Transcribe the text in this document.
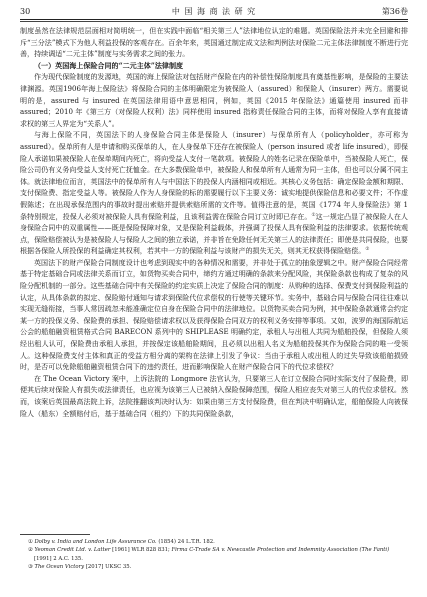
30	中 国 海 商 法 研 究	第36卷

制度虽然在法律规范层面相对简明统一，但在实践中面临“相关第三人”法律地位认定的难题。英国保险法并未完全回避和排斥“三分法”模式下为他人利益投保的客观存在。百余年来，英国通过制定成文法和判例法对保险二元主体法律制度不断进行完善，持续调适“二元主体”制度与实务需求之间的张力。

（一）英国海上保险合同的“二元主体”法律制度

作为现代保险制度的发源地，英国的海上保险法对包括财产保险在内的补偿性保险制度具有奠基性影响，是保险的主要法律渊源。英国1906年海上保险法》将保险合同的主体明确限定为被保险人（assured）和保险人（insurer）两方。需要说明的是，assured 与 insured 在英国法律用语中意思相同，例如，英国《2015 年保险法》通篇使用 insured 而非 assured；2010 年《第三方（对保险人权利）法》同样使用 insured 指称责任保险合同的主体，而将对保险人享有直接请求权的第三人界定为“关系人”。

与海上保险不同，英国法下的人身保险合同主体是保险人（insurer）与保单所有人（policyholder，亦可称为 assured）。保单所有人是申请和购买保单的人，在人身保单下还存在被保险人（person insured 或者 life insured），即保险人承诺如果被保险人在保单期间内死亡，将向受益人支付一笔款项。被保险人的姓名记录在保险单中，当被保险人死亡，保险公司仍有义务向受益人支付死亡抚恤金。在大多数保险单中，被保险人和保单所有人通常为同一主体，但也可以分属不同主体。就法律地位而言，英国法中的保单所有人与中国法下的投保人内涵相同或相近。其核心义务包括：确定保险金额和期限、支付保险费、指定受益人等。被保险人作为人身保险的标的需要履行以下主要义务：诚实地提供保险信息和必要文件；不作虚假陈述；在出现承保范围内的事故时提出索赔并提供索赔所需的文件等。值得注意的是，英国《1774 年人身保险法》第 1 条特别规定，投保人必须对被保险人具有保险利益，且该利益需在保险合同订立时即已存在。①这一规定凸显了被保险人在人身保险合同中的双重属性——既是保险保障对象，又是保险利益载体，并强调了投保人具有保险利益的法律要求。依据传统观点，保险赔偿被认为是被保险人与保险人之间的独立承诺，并非旨在免除任何无关第三人的法律责任；即使是共同保险，也要根据各保险人所投保的利益确定其权利，若其中一方的保险利益与该财产的损失无关，则其无权获得保险赔偿。②

英国法下的财产保险合同制度设计也考虑到现实中的各种情况和需要，并非处于孤立的抽象逻辑之中。财产保险合同经常基于特定基础合同或法律关系而订立，如货物买卖合同中，缔约方通过明确的条款来分配风险，其保险条款也构成了复杂的风险分配机制的一部分。这些基础合同中有关保险的约定实质上决定了保险合同的制度：从购种的选择、保费支付到保险利益的认定，从具体条款的拟定、保险赔付通知与请求到保险代位求偿权的行使等关键环节。实务中，基础合同与保险合同往往难以实现无缝衔接，当事人常因疏忽未能准确定位自身在保险合同中的法律地位。以货物买卖合同为例，其中保险条款通常会约定某一方的投保义务、保险费的承担、保险赔偿请求权以及获得保险合同双方的权利义务安排等事项。又如，波罗的海国际航运公会的船舶融资租赁格式合同 BARECON 系列中的 SHIPLEASE 明确约定，承租人与出租人共同为船舶投保，但保险人须经出租人认可，保险费由承租人承担，并按保定该船舶险期间，且必须以出租人名义为船舶投保其作为保险合同的唯一受领人。这种保险费支付主体和真正的受益方相分离的架构在法律上引发了争议：当由于承租人或出租人的过失导致该船舶损毁时，是否可以免除船舶融资租赁合同下的违约责任，进而影响保险人在财产保险合同下的代位求偿权？

在 The Ocean Victory 案中，上诉法院的 Longmore 法官认为，只要第三人在订立保险合同时实际支付了保险费，即便其后续对保险人有损失或法律责任，也应视为该第三人已被纳入保险保障范围，保险人相应丧失对第三人的代位求偿权。然而，该案后英国最高法院上诉，法院推翻该判决时认为：如果由第三方支付保险费，但在判决中明确认定，船舶保险人向被保险人（船东）全额赔付后，基于基础合同（租约）下的共同保险条款，

① Dolby v. India and London Life Assurance Co. (1854) 24 L.T.R. 182.
② Yeoman Credit Ltd. v. Latter [1961] WLR 828 831; Firma C-Trade SA v. Newcastle Protection and Indemnity Association (The Fanti) [1991] 2 A.C. 135.
③ The Ocean Victory [2017] UKSC 35.
